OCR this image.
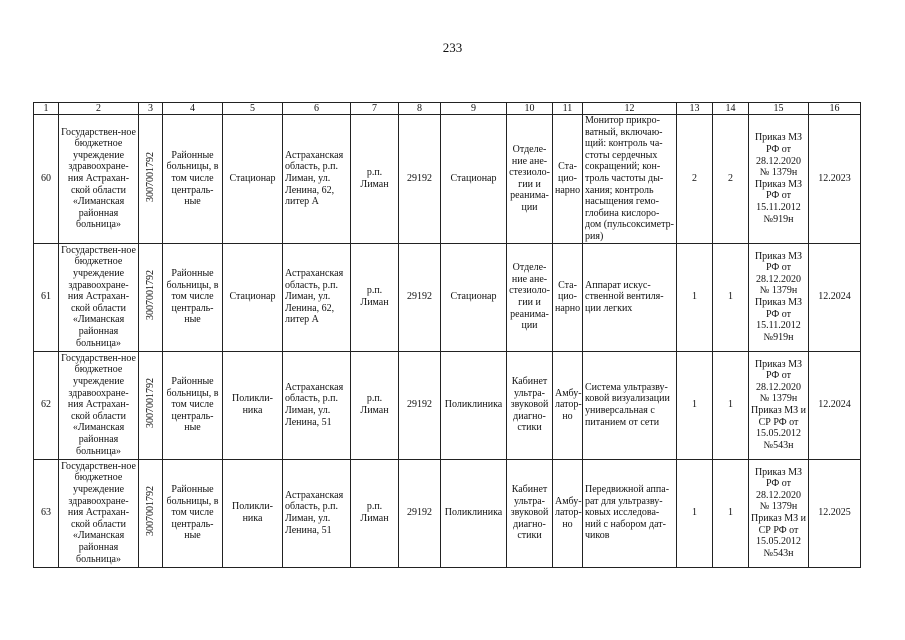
233
1	2	3	4	5	6	7	8	9	10	11	12	13	14	15	16
60	Государствен-ное бюджетное учреждение здравоохране-ния Астрахан-ской области «Лиманская районная больница»	3007001792	Районные больницы, в том числе централь-ные	Стационар	Астраханская область, р.п. Лиман, ул. Ленина, 62, литер А	р.п. Лиман	29192	Стационар	Отделе-ние ане-стезиоло-гии и реанима-ции	Ста-цио-нарно	Монитор прикро-ватный, включаю-щий: контроль ча-стоты сердечных сокращений; кон-троль частоты ды-хания; контроль насыщения гемо-глобина кислоро-дом (пульсоксиметр-рия)	2	2	Приказ МЗ РФ от 28.12.2020 № 1379н Приказ МЗ РФ от 15.11.2012 №919н	12.2023
61	Государствен-ное бюджетное учреждение здравоохране-ния Астрахан-ской области «Лиманская районная больница»	3007001792	Районные больницы, в том числе централь-ные	Стационар	Астраханская область, р.п. Лиман, ул. Ленина, 62, литер А	р.п. Лиман	29192	Стационар	Отделе-ние ане-стезиоло-гии и реанима-ции	Ста-цио-нарно	Аппарат искус-ственной вентиля-ции легких	1	1	Приказ МЗ РФ от 28.12.2020 № 1379н Приказ МЗ РФ от 15.11.2012 №919н	12.2024
62	Государствен-ное бюджетное учреждение здравоохране-ния Астрахан-ской области «Лиманская районная больница»	3007001792	Районные больницы, в том числе централь-ные	Поликли-ника	Астраханская область, р.п. Лиман, ул. Ленина, 51	р.п. Лиман	29192	Поликлиника	Кабинет ультра-звуковой диагно-стики	Амбу-латор-но	Система ультразву-ковой визуализации универсальная с питанием от сети	1	1	Приказ МЗ РФ от 28.12.2020 № 1379н Приказ МЗ и СР РФ от 15.05.2012 №543н	12.2024
63	Государствен-ное бюджетное учреждение здравоохране-ния Астрахан-ской области «Лиманская районная больница»	3007001792	Районные больницы, в том числе централь-ные	Поликли-ника	Астраханская область, р.п. Лиман, ул. Ленина, 51	р.п. Лиман	29192	Поликлиника	Кабинет ультра-звуковой диагно-стики	Амбу-латор-но	Передвижной аппа-рат для ультразву-ковых исследова-ний с набором дат-чиков	1	1	Приказ МЗ РФ от 28.12.2020 № 1379н Приказ МЗ и СР РФ от 15.05.2012 №543н	12.2025
